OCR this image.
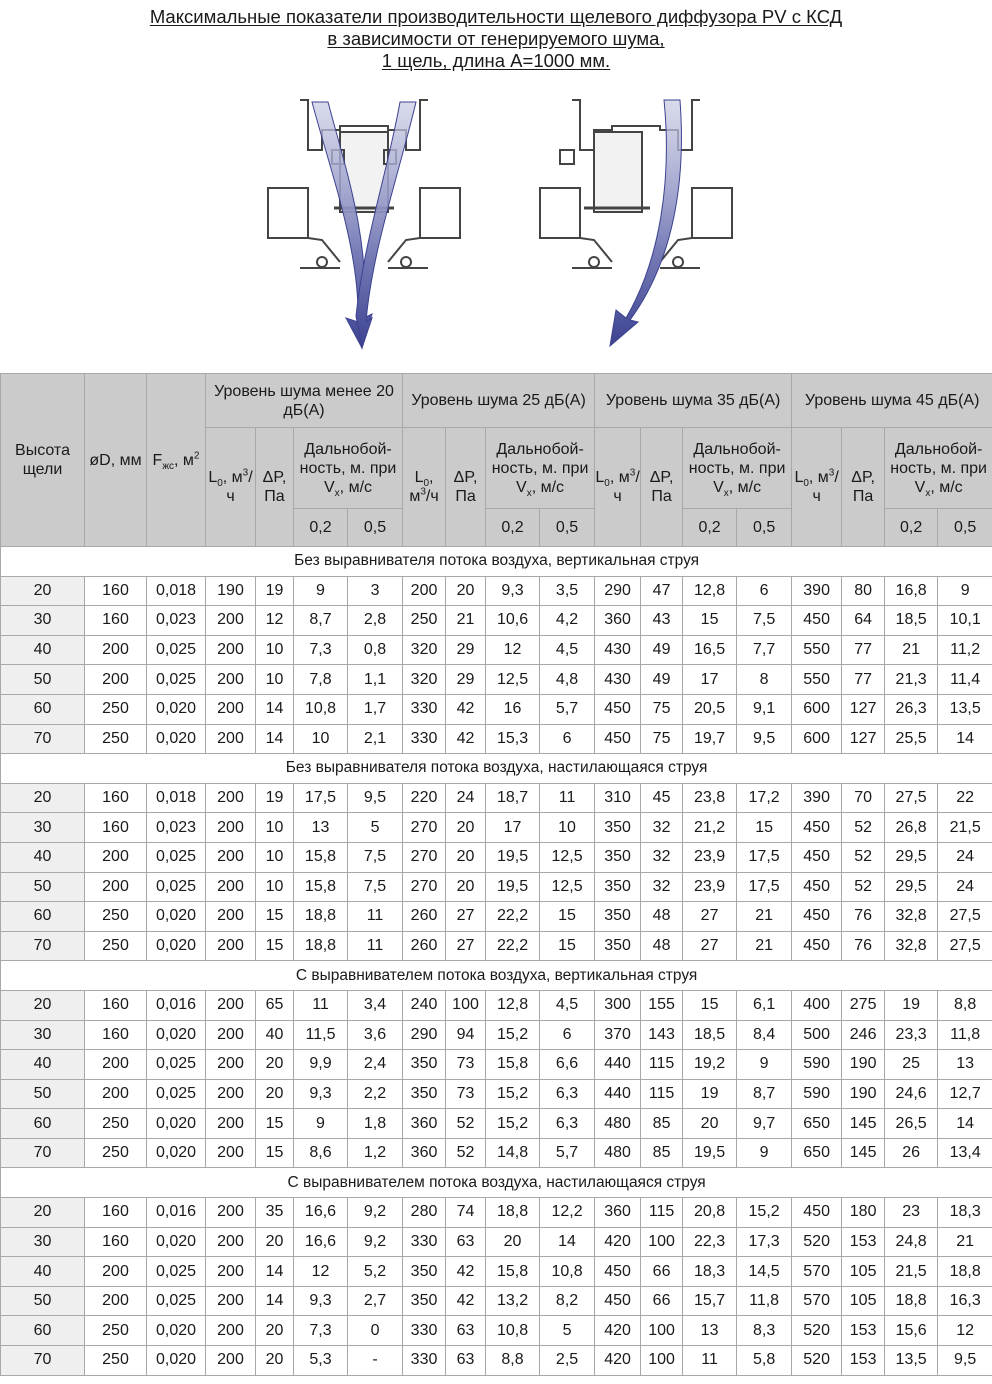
Максимальные показатели производительности щелевого диффузора PV с КСД
в зависимости от генерируемого шума,
1 щель, длина А=1000 мм.
Высота щели	øD, мм	$F_{жс}$, $м^2$	Уровень шума менее 20 дБ(А)				Уровень шума 25 дБ(А)				Уровень шума 35 дБ(А)				Уровень шума 45 дБ(А)			
			$L_0$, $м^3/ч$	ΔP, Па	Дальнобой-ность, м. при $V_x$, м/с		$L_0$, $м^3/ч$	ΔP, Па	Дальнобой-ность, м. при $V_x$, м/с		$L_0$, $м^3/ч$	ΔP, Па	Дальнобой-ность, м. при $V_x$, м/с		$L_0$, $м^3/ч$	ΔP, Па	Дальнобой-ность, м. при $V_x$, м/с	
					0,2	0,5			0,2	0,5			0,2	0,5			0,2	0,5
Без выравнивателя потока воздуха, вертикальная струя																		
20	160	0,018	190	19	9	3	200	20	9,3	3,5	290	47	12,8	6	390	80	16,8	9
30	160	0,023	200	12	8,7	2,8	250	21	10,6	4,2	360	43	15	7,5	450	64	18,5	10,1
40	200	0,025	200	10	7,3	0,8	320	29	12	4,5	430	49	16,5	7,7	550	77	21	11,2
50	200	0,025	200	10	7,8	1,1	320	29	12,5	4,8	430	49	17	8	550	77	21,3	11,4
60	250	0,020	200	14	10,8	1,7	330	42	16	5,7	450	75	20,5	9,1	600	127	26,3	13,5
70	250	0,020	200	14	10	2,1	330	42	15,3	6	450	75	19,7	9,5	600	127	25,5	14
Без выравнивателя потока воздуха, настилающаяся струя																		
20	160	0,018	200	19	17,5	9,5	220	24	18,7	11	310	45	23,8	17,2	390	70	27,5	22
30	160	0,023	200	10	13	5	270	20	17	10	350	32	21,2	15	450	52	26,8	21,5
40	200	0,025	200	10	15,8	7,5	270	20	19,5	12,5	350	32	23,9	17,5	450	52	29,5	24
50	200	0,025	200	10	15,8	7,5	270	20	19,5	12,5	350	32	23,9	17,5	450	52	29,5	24
60	250	0,020	200	15	18,8	11	260	27	22,2	15	350	48	27	21	450	76	32,8	27,5
70	250	0,020	200	15	18,8	11	260	27	22,2	15	350	48	27	21	450	76	32,8	27,5
С выравнивателем потока воздуха, вертикальная струя																		
20	160	0,016	200	65	11	3,4	240	100	12,8	4,5	300	155	15	6,1	400	275	19	8,8
30	160	0,020	200	40	11,5	3,6	290	94	15,2	6	370	143	18,5	8,4	500	246	23,3	11,8
40	200	0,025	200	20	9,9	2,4	350	73	15,8	6,6	440	115	19,2	9	590	190	25	13
50	200	0,025	200	20	9,3	2,2	350	73	15,2	6,3	440	115	19	8,7	590	190	24,6	12,7
60	250	0,020	200	15	9	1,8	360	52	15,2	6,3	480	85	20	9,7	650	145	26,5	14
70	250	0,020	200	15	8,6	1,2	360	52	14,8	5,7	480	85	19,5	9	650	145	26	13,4
С выравнивателем потока воздуха, настилающаяся струя																		
20	160	0,016	200	35	16,6	9,2	280	74	18,8	12,2	360	115	20,8	15,2	450	180	23	18,3
30	160	0,020	200	20	16,6	9,2	330	63	20	14	420	100	22,3	17,3	520	153	24,8	21
40	200	0,025	200	14	12	5,2	350	42	15,8	10,8	450	66	18,3	14,5	570	105	21,5	18,8
50	200	0,025	200	14	9,3	2,7	350	42	13,2	8,2	450	66	15,7	11,8	570	105	18,8	16,3
60	250	0,020	200	20	7,3	0	330	63	10,8	5	420	100	13	8,3	520	153	15,6	12
70	250	0,020	200	20	5,3	-	330	63	8,8	2,5	420	100	11	5,8	520	153	13,5	9,5
